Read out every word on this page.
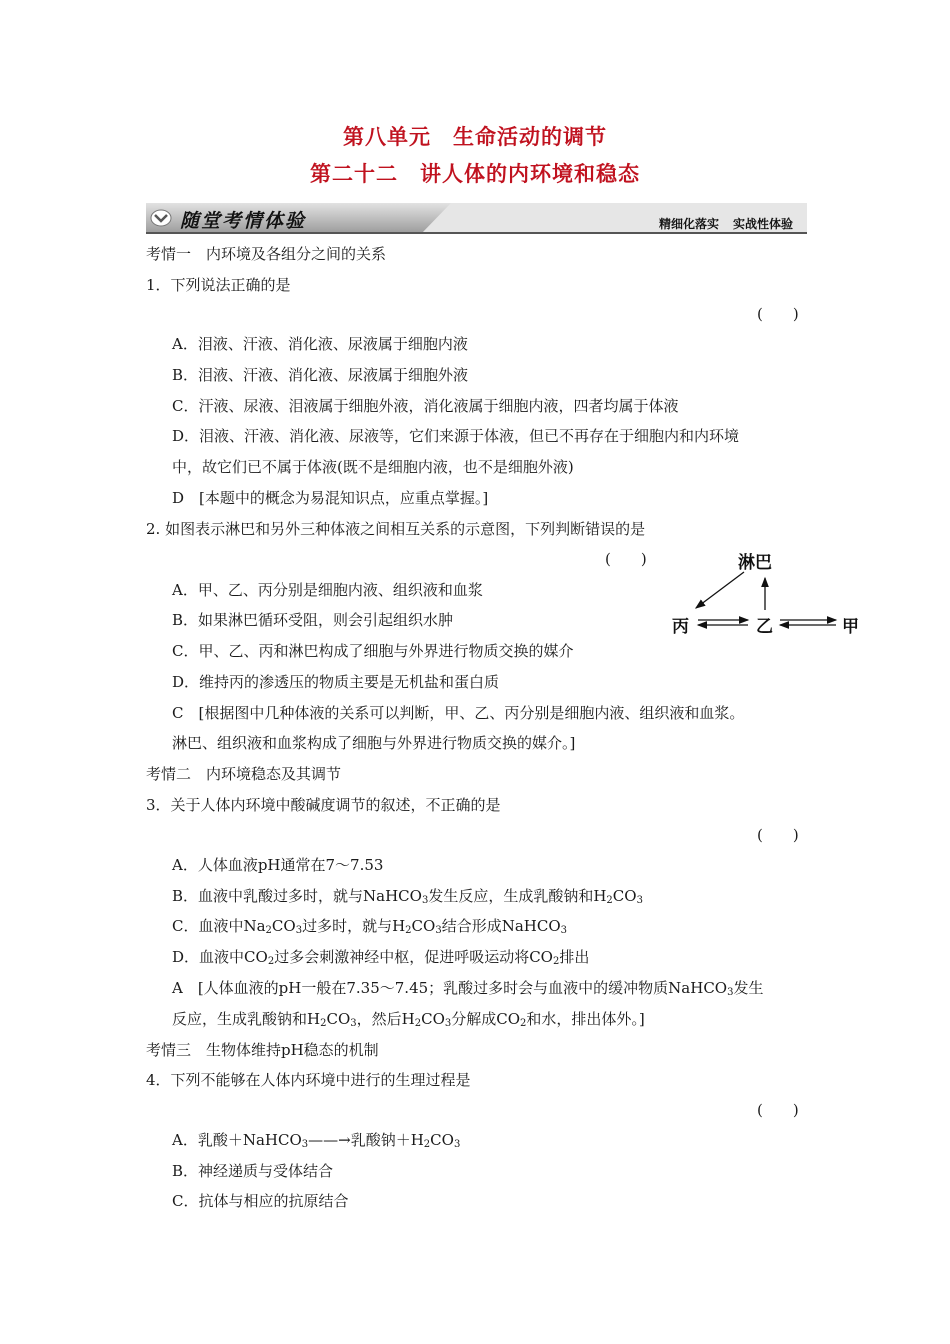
第八单元　生命活动的调节
第二十二　讲人体的内环境和稳态
随堂考情体验	精细化落实 实战性体验
考情一　内环境及各组分之间的关系
1．下列说法正确的是
(　　)
A．泪液、汗液、消化液、尿液属于细胞内液
B．泪液、汗液、消化液、尿液属于细胞外液
C．汗液、尿液、泪液属于细胞外液，消化液属于细胞内液，四者均属于体液
D．泪液、汗液、消化液、尿液等，它们来源于体液，但已不再存在于细胞内和内环境
中，故它们已不属于体液(既不是细胞内液，也不是细胞外液)
D　[本题中的概念为易混知识点，应重点掌握。]
2. 如图表示淋巴和另外三种体液之间相互关系的示意图，下列判断错误的是
(　　)
A．甲、乙、丙分别是细胞内液、组织液和血浆
B．如果淋巴循环受阻，则会引起组织水肿
C．甲、乙、丙和淋巴构成了细胞与外界进行物质交换的媒介
D．维持丙的渗透压的物质主要是无机盐和蛋白质
C　[根据图中几种体液的关系可以判断，甲、乙、丙分别是细胞内液、组织液和血浆。
淋巴、组织液和血浆构成了细胞与外界进行物质交换的媒介。]
淋巴
丙	乙	甲
考情二　内环境稳态及其调节
3．关于人体内环境中酸碱度调节的叙述，不正确的是
(　　)
A．人体血液pH通常在7～7.53
B．血液中乳酸过多时，就与NaHCO$_3$发生反应，生成乳酸钠和$H_2CO_3$
C．血液中$Na_2CO_3$过多时，就与$H_2CO_3$结合形成NaHCO$_3$
D．血液中$CO_2$过多会刺激神经中枢，促进呼吸运动将$CO_2$排出
A　[人体血液的pH一般在7.35～7.45；乳酸过多时会与血液中的缓冲物质NaHCO$_3$发生
反应，生成乳酸钠和$H_2CO_3$，然后$H_2CO_3$分解成$CO_2$和水，排出体外。]
考情三　生物体维持pH稳态的机制
4．下列不能够在人体内环境中进行的生理过程是
(　　)
A．乳酸＋NaHCO$_3$——→乳酸钠$+H_2CO_3$
B．神经递质与受体结合
C．抗体与相应的抗原结合
